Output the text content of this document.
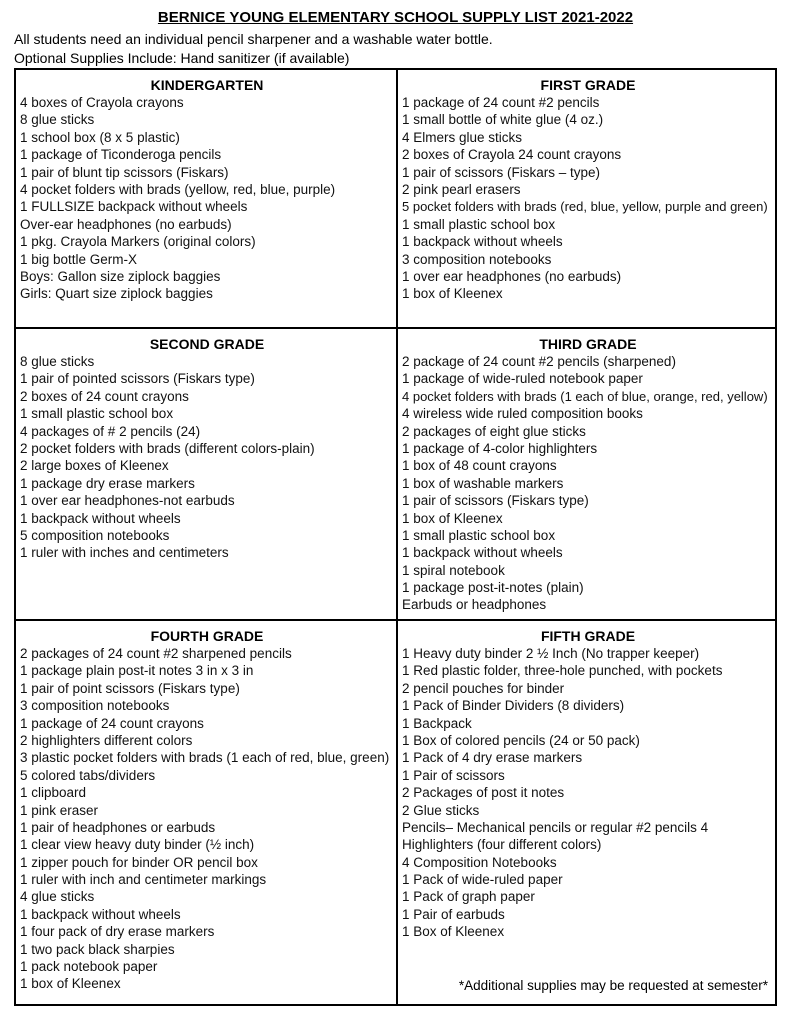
BERNICE YOUNG ELEMENTARY SCHOOL SUPPLY LIST 2021-2022
All students need an individual pencil sharpener and a washable water bottle.
Optional Supplies Include: Hand sanitizer (if available)
KINDERGARTEN
4 boxes of Crayola crayons
8 glue sticks
1 school box (8 x 5 plastic)
1 package of Ticonderoga pencils
1 pair of blunt tip scissors (Fiskars)
4 pocket folders with brads (yellow, red, blue, purple)
1 FULLSIZE backpack without wheels
Over-ear headphones (no earbuds)
1 pkg. Crayola Markers (original colors)
1 big bottle Germ-X
Boys: Gallon size ziplock baggies
Girls: Quart size ziplock baggies
FIRST GRADE
1 package of 24 count #2 pencils
1 small bottle of white glue (4 oz.)
4 Elmers glue sticks
2 boxes of Crayola 24 count crayons
1 pair of scissors (Fiskars – type)
2 pink pearl erasers
5 pocket folders with brads (red, blue, yellow, purple and green)
1 small plastic school box
1 backpack without wheels
3 composition notebooks
1 over ear headphones (no earbuds)
1 box of Kleenex
SECOND GRADE
8 glue sticks
1 pair of pointed scissors (Fiskars type)
2 boxes of 24 count crayons
1 small plastic school box
4 packages of # 2 pencils (24)
2 pocket folders with brads (different colors-plain)
2 large boxes of Kleenex
1 package dry erase markers
1 over ear headphones-not earbuds
1 backpack without wheels
5 composition notebooks
1 ruler with inches and centimeters
THIRD GRADE
2 package of 24 count #2 pencils (sharpened)
1 package of wide-ruled notebook paper
4 pocket folders with brads (1 each of blue, orange, red, yellow)
4 wireless wide ruled composition books
2 packages of eight glue sticks
1 package of 4-color highlighters
1 box of 48 count crayons
1 box of washable markers
1 pair of scissors (Fiskars type)
1 box of Kleenex
1 small plastic school box
1 backpack without wheels
1 spiral notebook
1 package post-it-notes (plain)
Earbuds or headphones
FOURTH GRADE
2 packages of 24 count #2 sharpened pencils
1 package plain post-it notes 3 in x 3 in
1 pair of point scissors (Fiskars type)
3 composition notebooks
1 package of 24 count crayons
2 highlighters different colors
3 plastic pocket folders with brads (1 each of red, blue, green)
5 colored tabs/dividers
1 clipboard
1 pink eraser
1 pair of headphones or earbuds
1 clear view heavy duty binder (½ inch)
1 zipper pouch for binder OR pencil box
1 ruler with inch and centimeter markings
4 glue sticks
1 backpack without wheels
1 four pack of dry erase markers
1 two pack black sharpies
1 pack notebook paper
1 box of Kleenex
FIFTH GRADE
1 Heavy duty binder 2 ½ Inch (No trapper keeper)
1 Red plastic folder, three-hole punched, with pockets
2 pencil pouches for binder
1 Pack of Binder Dividers (8 dividers)
1 Backpack
1 Box of colored pencils (24 or 50 pack)
1 Pack of 4 dry erase markers
1 Pair of scissors
2 Packages of post it notes
2 Glue sticks
Pencils– Mechanical pencils or regular #2 pencils 4
Highlighters (four different colors)
4 Composition Notebooks
1 Pack of wide-ruled paper
1 Pack of graph paper
1 Pair of earbuds
1 Box of Kleenex
*Additional supplies may be requested at semester*
